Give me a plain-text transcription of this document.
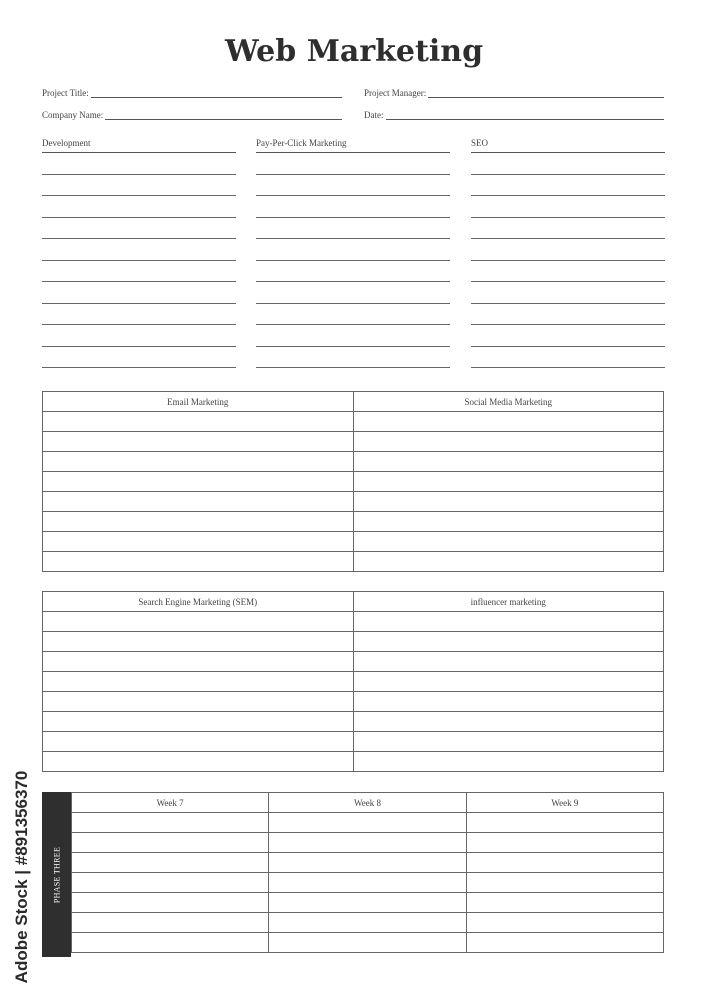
Web Marketing
Project Title:
Company Name:
Project Manager:
Date:
Development	Pay-Per-Click Marketing	SEO
Email Marketing	Social Media Marketing

Search Engine Marketing (SEM)	influencer marketing

PHASE THREE
Week 7	Week 8	Week 9

Adobe Stock | #891356370
